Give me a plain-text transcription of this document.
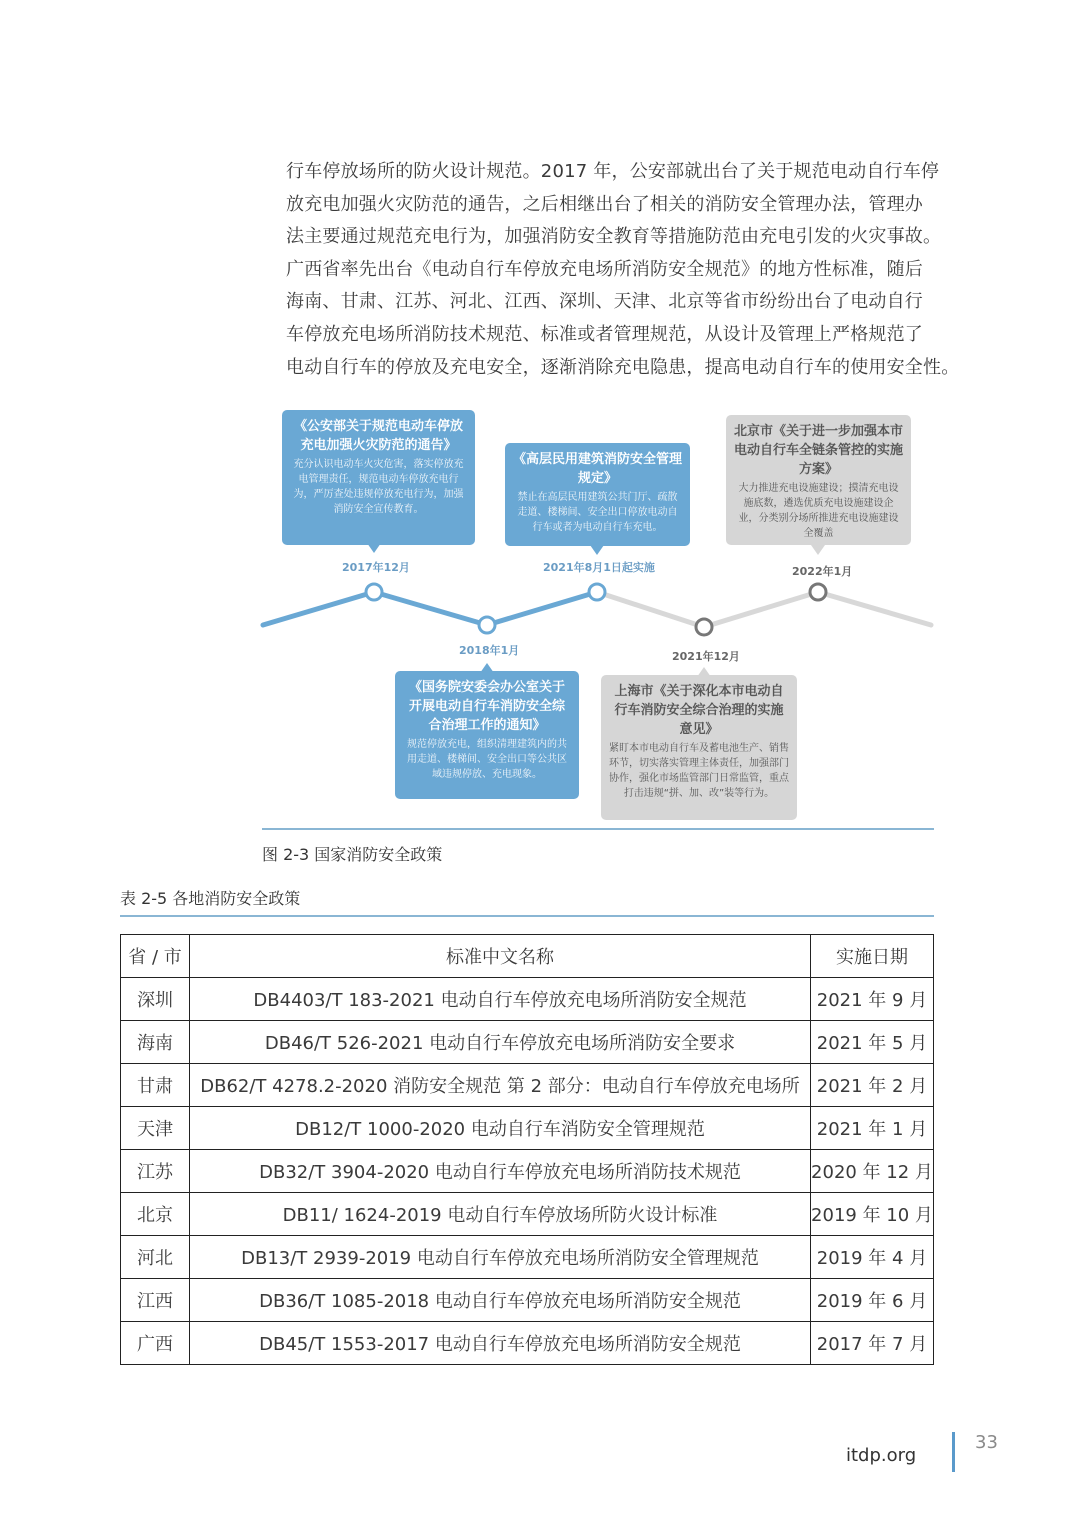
行车停放场所的防火设计规范。2017 年，公安部就出台了关于规范电动自行车停
放充电加强火灾防范的通告，之后相继出台了相关的消防安全管理办法，管理办
法主要通过规范充电行为，加强消防安全教育等措施防范由充电引发的火灾事故。
广西省率先出台《电动自行车停放充电场所消防安全规范》的地方性标准，随后
海南、甘肃、江苏、河北、江西、深圳、天津、北京等省市纷纷出台了电动自行
车停放充电场所消防技术规范、标准或者管理规范，从设计及管理上严格规范了
电动自行车的停放及充电安全，逐渐消除充电隐患，提高电动自行车的使用安全性。
《公安部关于规范电动车停放充电加强火灾防范的通告》
充分认识电动车火灾危害，落实停放充电管理责任，规范电动车停放充电行为，严厉查处违规停放充电行为，加强消防安全宣传教育。
2017年12月
《国务院安委会办公室关于开展电动自行车消防安全综合治理工作的通知》
规范停放充电，组织清理建筑内的共用走道、楼梯间、安全出口等公共区域违规停放、充电现象。
2018年1月
《高层民用建筑消防安全管理规定》
禁止在高层民用建筑公共门厅、疏散走道、楼梯间、安全出口停放电动自行车或者为电动自行车充电。
2021年8月1日起实施
上海市《关于深化本市电动自行车消防安全综合治理的实施意见》
紧盯本市电动自行车及蓄电池生产、销售环节，切实落实管理主体责任，加强部门协作，强化市场监管部门日常监管，重点打击违规“拼、加、改”装等行为。
2021年12月
北京市《关于进一步加强本市电动自行车全链条管控的实施方案》
大力推进充电设施建设；摸清充电设施底数，遴选优质充电设施建设企业，分类别分场所推进充电设施建设全覆盖
2022年1月
图 2-3 国家消防安全政策
表 2-5 各地消防安全政策
省 / 市	标准中文名称	实施日期
深圳	DB4403/T 183-2021 电动自行车停放充电场所消防安全规范	2021 年 9 月
海南	DB46/T 526-2021 电动自行车停放充电场所消防安全要求	2021 年 5 月
甘肃	DB62/T 4278.2-2020 消防安全规范 第 2 部分：电动自行车停放充电场所	2021 年 2 月
天津	DB12/T 1000-2020 电动自行车消防安全管理规范	2021 年 1 月
江苏	DB32/T 3904-2020 电动自行车停放充电场所消防技术规范	2020 年 12 月
北京	DB11/ 1624-2019 电动自行车停放场所防火设计标准	2019 年 10 月
河北	DB13/T 2939-2019 电动自行车停放充电场所消防安全管理规范	2019 年 4 月
江西	DB36/T 1085-2018 电动自行车停放充电场所消防安全规范	2019 年 6 月
广西	DB45/T 1553-2017 电动自行车停放充电场所消防安全规范	2017 年 7 月
itdp.org
33
